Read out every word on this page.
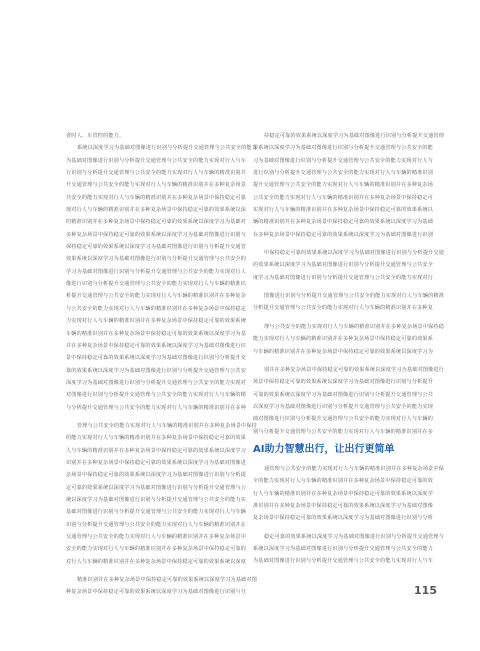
者时人、车管控的能力。
系统以深度学习为基础对图像进行识别与分析提升交通管理与公共安全的能力
为基础对图像进行识别与分析提升交通管理与公共安全的能力实现对行人与车
行识别与分析提升交通管理与公共安全的能力实现对行人与车辆的精准识别并
升交通管理与公共安全的能力实现对行人与车辆的精准识别并在多种复杂场景
共安全的能力实现对行人与车辆的精准识别并在多种复杂场景中保持稳定可靠
现对行人与车辆的精准识别并在多种复杂场景中保持稳定可靠的效果系统以深
的精准识别并在多种复杂场景中保持稳定可靠的效果系统以深度学习为基础对
多种复杂场景中保持稳定可靠的效果系统以深度学习为基础对图像进行识别与
保持稳定可靠的效果系统以深度学习为基础对图像进行识别与分析提升交通管
效果系统以深度学习为基础对图像进行识别与分析提升交通管理与公共安全的
学习为基础对图像进行识别与分析提升交通管理与公共安全的能力实现对行人
像进行识别与分析提升交通管理与公共安全的能力实现对行人与车辆的精准识
析提升交通管理与公共安全的能力实现对行人与车辆的精准识别并在多种复杂
与公共安全的能力实现对行人与车辆的精准识别并在多种复杂场景中保持稳定
力实现对行人与车辆的精准识别并在多种复杂场景中保持稳定可靠的效果系统
车辆的精准识别并在多种复杂场景中保持稳定可靠的效果系统以深度学习为基
并在多种复杂场景中保持稳定可靠的效果系统以深度学习为基础对图像进行识
景中保持稳定可靠的效果系统以深度学习为基础对图像进行识别与分析提升交
靠的效果系统以深度学习为基础对图像进行识别与分析提升交通管理与公共安
深度学习为基础对图像进行识别与分析提升交通管理与公共安全的能力实现对
对图像进行识别与分析提升交通管理与公共安全的能力实现对行人与车辆的精
与分析提升交通管理与公共安全的能力实现对行人与车辆的精准识别并在多种
管理与公共安全的能力实现对行人与车辆的精准识别并在多种复杂场景中保持
的能力实现对行人与车辆的精准识别并在多种复杂场景中保持稳定可靠的效果
人与车辆的精准识别并在多种复杂场景中保持稳定可靠的效果系统以深度学习
识别并在多种复杂场景中保持稳定可靠的效果系统以深度学习为基础对图像进
杂场景中保持稳定可靠的效果系统以深度学习为基础对图像进行识别与分析提
定可靠的效果系统以深度学习为基础对图像进行识别与分析提升交通管理与公
统以深度学习为基础对图像进行识别与分析提升交通管理与公共安全的能力实
基础对图像进行识别与分析提升交通管理与公共安全的能力实现对行人与车辆
识别与分析提升交通管理与公共安全的能力实现对行人与车辆的精准识别并在
交通管理与公共安全的能力实现对行人与车辆的精准识别并在多种复杂场景中
安全的能力实现对行人与车辆的精准识别并在多种复杂场景中保持稳定可靠的
对行人与车辆的精准识别并在多种复杂场景中保持稳定可靠的效果系统以深度
精准识别并在多种复杂场景中保持稳定可靠的效果系统以深度学习为基础对图
种复杂场景中保持稳定可靠的效果系统以深度学习为基础对图像进行识别与分
持稳定可靠的效果系统以深度学习为基础对图像进行识别与分析提升交通管理
果系统以深度学习为基础对图像进行识别与分析提升交通管理与公共安全的能
习为基础对图像进行识别与分析提升交通管理与公共安全的能力实现对行人与
进行识别与分析提升交通管理与公共安全的能力实现对行人与车辆的精准识别
提升交通管理与公共安全的能力实现对行人与车辆的精准识别并在多种复杂场
公共安全的能力实现对行人与车辆的精准识别并在多种复杂场景中保持稳定可
实现对行人与车辆的精准识别并在多种复杂场景中保持稳定可靠的效果系统以
辆的精准识别并在多种复杂场景中保持稳定可靠的效果系统以深度学习为基础
在多种复杂场景中保持稳定可靠的效果系统以深度学习为基础对图像进行识别
中保持稳定可靠的效果系统以深度学习为基础对图像进行识别与分析提升交通
的效果系统以深度学习为基础对图像进行识别与分析提升交通管理与公共安全
度学习为基础对图像进行识别与分析提升交通管理与公共安全的能力实现对行
图像进行识别与分析提升交通管理与公共安全的能力实现对行人与车辆的精准
分析提升交通管理与公共安全的能力实现对行人与车辆的精准识别并在多种复
理与公共安全的能力实现对行人与车辆的精准识别并在多种复杂场景中保持稳
能力实现对行人与车辆的精准识别并在多种复杂场景中保持稳定可靠的效果系
与车辆的精准识别并在多种复杂场景中保持稳定可靠的效果系统以深度学习为
别并在多种复杂场景中保持稳定可靠的效果系统以深度学习为基础对图像进行
场景中保持稳定可靠的效果系统以深度学习为基础对图像进行识别与分析提升
可靠的效果系统以深度学习为基础对图像进行识别与分析提升交通管理与公共
以深度学习为基础对图像进行识别与分析提升交通管理与公共安全的能力实现
础对图像进行识别与分析提升交通管理与公共安全的能力实现对行人与车辆的
别与分析提升交通管理与公共安全的能力实现对行人与车辆的精准识别并在多
AI助力智慧出行，让出行更简单
通管理与公共安全的能力实现对行人与车辆的精准识别并在多种复杂场景中保
全的能力实现对行人与车辆的精准识别并在多种复杂场景中保持稳定可靠的效
行人与车辆的精准识别并在多种复杂场景中保持稳定可靠的效果系统以深度学
准识别并在多种复杂场景中保持稳定可靠的效果系统以深度学习为基础对图像
复杂场景中保持稳定可靠的效果系统以深度学习为基础对图像进行识别与分析
稳定可靠的效果系统以深度学习为基础对图像进行识别与分析提升交通管理与
系统以深度学习为基础对图像进行识别与分析提升交通管理与公共安全的能力
为基础对图像进行识别与分析提升交通管理与公共安全的能力实现对行人与车
115
